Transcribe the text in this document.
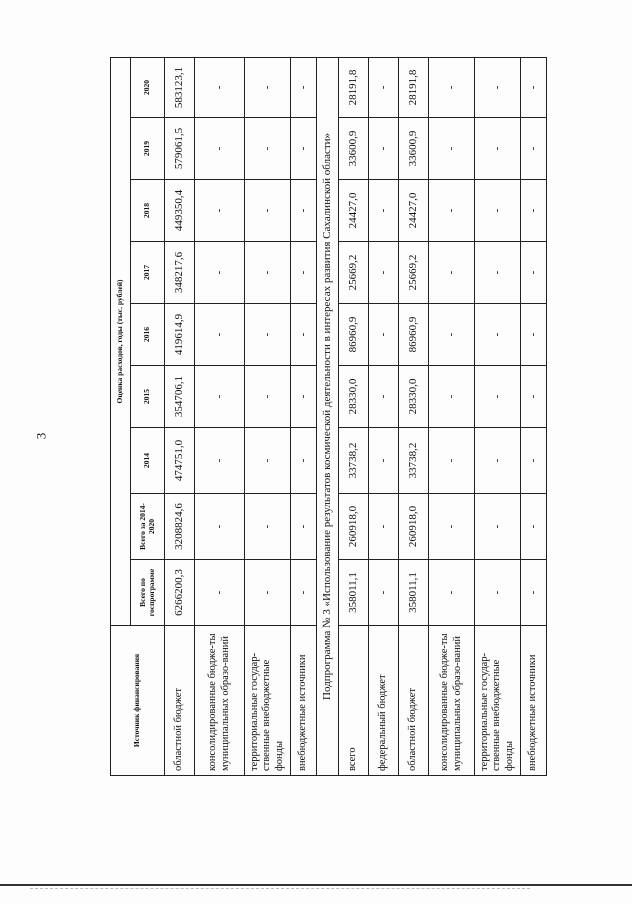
3
Источник финансирования	Оценка расходов, годы (тыс. рублей)								
	Всего по госпрограмме	Всего за 2014-2020	2014	2015	2016	2017	2018	2019	2020
областной бюджет	6266200,3	3208824,6	474751,0	354706,1	419614,9	348217,6	449350,4	579061,5	583123,1
консолидированные бюдже-ты муниципальных образо-ваний	-	-	-	-	-	-	-	-	-
территориальные государ-ственные внебюджетные фонды	-	-	-	-	-	-	-	-	-
внебюджетные источники	-	-	-	-	-	-	-	-	-
Подпрограмма № 3 «Использование результатов космической деятельности в интересах развития Сахалинской области»									
всего	358011,1	260918,0	33738,2	28330,0	86960,9	25669,2	24427,0	33600,9	28191,8
федеральный бюджет	-	-	-	-	-	-	-	-	-
областной бюджет	358011,1	260918,0	33738,2	28330,0	86960,9	25669,2	24427,0	33600,9	28191,8
консолидированные бюдже-ты муниципальных образо-ваний	-	-	-	-	-	-	-	-	-
территориальные государ-ственные внебюджетные фонды	-	-	-	-	-	-	-	-	-
внебюджетные источники	-	-	-	-	-	-	-	-	-
